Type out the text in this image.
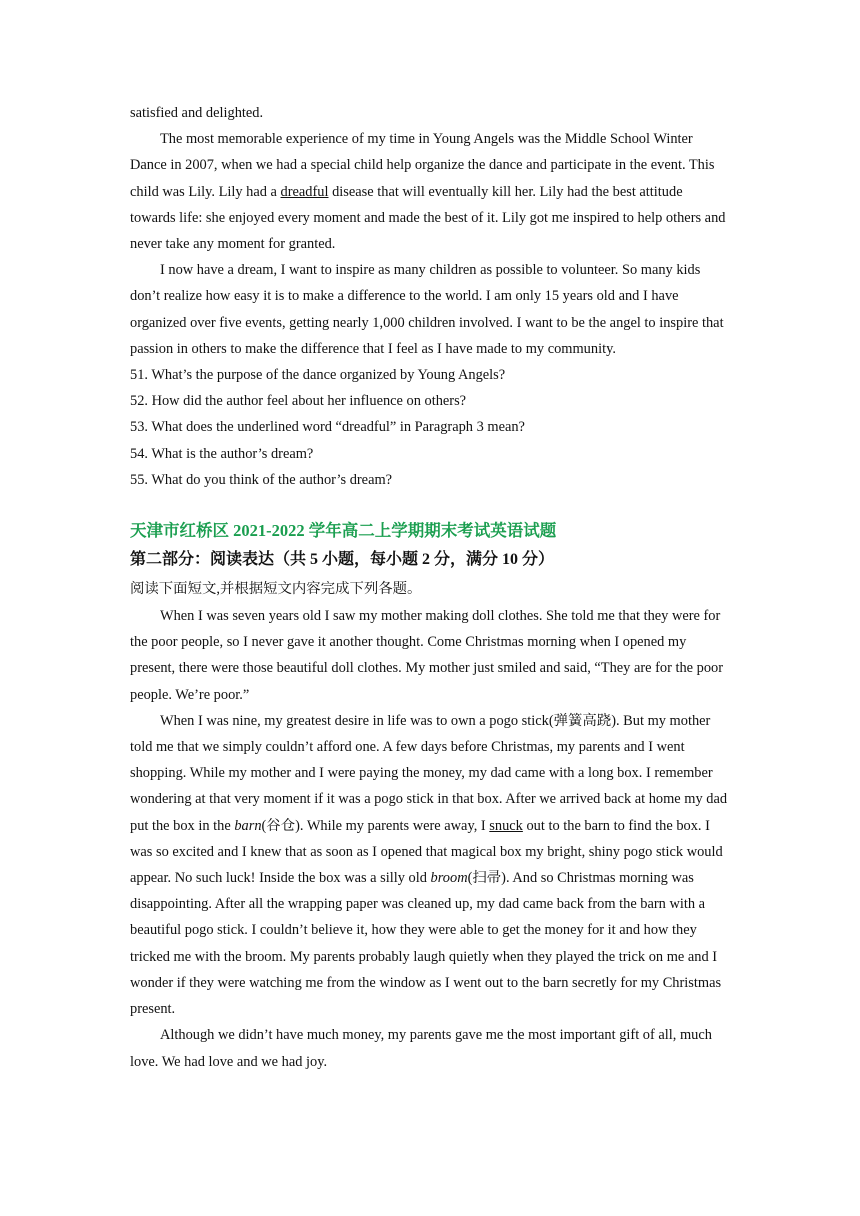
satisfied and delighted.

The most memorable experience of my time in Young Angels was the Middle School Winter Dance in 2007, when we had a special child help organize the dance and participate in the event. This child was Lily. Lily had a dreadful disease that will eventually kill her. Lily had the best attitude towards life: she enjoyed every moment and made the best of it. Lily got me inspired to help others and never take any moment for granted.

I now have a dream, I want to inspire as many children as possible to volunteer. So many kids don’t realize how easy it is to make a difference to the world. I am only 15 years old and I have organized over five events, getting nearly 1,000 children involved. I want to be the angel to inspire that passion in others to make the difference that I feel as I have made to my community.

51. What’s the purpose of the dance organized by Young Angels?

52. How did the author feel about her influence on others?

53. What does the underlined word “dreadful” in Paragraph 3 mean?

54. What is the author’s dream?

55. What do you think of the author’s dream?

天津市红桥区 2021-2022 学年高二上学期期末考试英语试题

第二部分：阅读表达（共 5 小题，每小题 2 分，满分 10 分）

阅读下面短文,并根据短文内容完成下列各题。

When I was seven years old I saw my mother making doll clothes. She told me that they were for the poor people, so I never gave it another thought. Come Christmas morning when I opened my present, there were those beautiful doll clothes. My mother just smiled and said, “They are for the poor people. We’re poor.”

When I was nine, my greatest desire in life was to own a pogo stick(弹簧高跷). But my mother told me that we simply couldn’t afford one. A few days before Christmas, my parents and I went shopping. While my mother and I were paying the money, my dad came with a long box. I remember wondering at that very moment if it was a pogo stick in that box. After we arrived back at home my dad put the box in the barn(谷仓). While my parents were away, I snuck out to the barn to find the box. I was so excited and I knew that as soon as I opened that magical box my bright, shiny pogo stick would appear. No such luck! Inside the box was a silly old broom(扫帚). And so Christmas morning was disappointing. After all the wrapping paper was cleaned up, my dad came back from the barn with a beautiful pogo stick. I couldn’t believe it, how they were able to get the money for it and how they tricked me with the broom. My parents probably laugh quietly when they played the trick on me and I wonder if they were watching me from the window as I went out to the barn secretly for my Christmas present.

Although we didn’t have much money, my parents gave me the most important gift of all, much love. We had love and we had joy.
